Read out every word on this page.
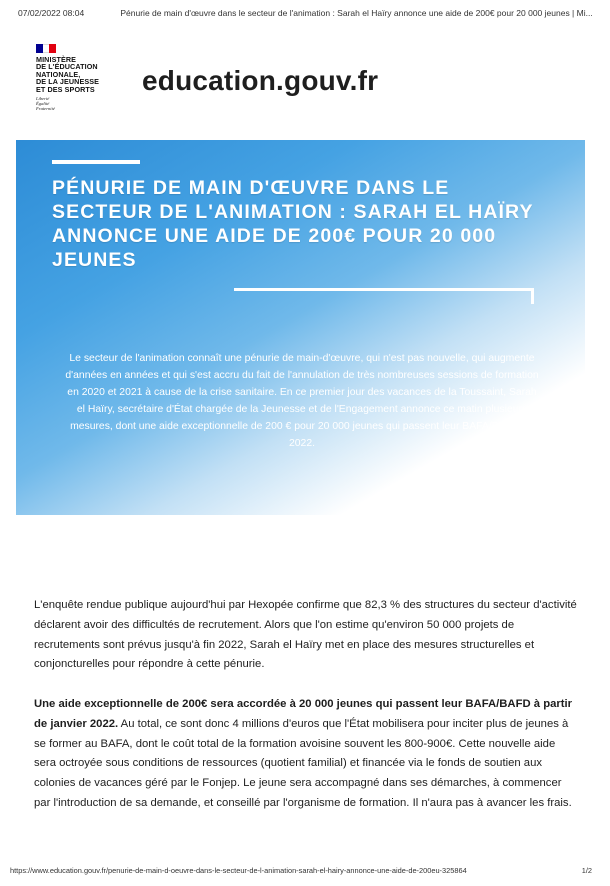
07/02/2022 08:04	Pénurie de main d'œuvre dans le secteur de l'animation : Sarah el Haïry annonce une aide de 200€ pour 20 000 jeunes | Mi...
MINISTÈRE
DE L'ÉDUCATION
NATIONALE,
DE LA JEUNESSE
ET DES SPORTS
Liberté
Égalité
Fraternité
education.gouv.fr
PÉNURIE DE MAIN D'ŒUVRE DANS LE SECTEUR DE L'ANIMATION : SARAH EL HAÏRY ANNONCE UNE AIDE DE 200€ POUR 20 000 JEUNES

Le secteur de l'animation connaît une pénurie de main-d'œuvre, qui n'est pas nouvelle, qui augmente d'années en années et qui s'est accru du fait de l'annulation de très nombreuses sessions de formation en 2020 et 2021 à cause de la crise sanitaire. En ce premier jour des vacances de la Toussaint, Sarah el Haïry, secrétaire d'État chargée de la Jeunesse et de l'Engagement annonce ce matin plusieurs mesures, dont une aide exceptionnelle de 200 € pour 20 000 jeunes qui passent leur BAFA/BAFD en 2022.

L'enquête rendue publique aujourd'hui par Hexopée confirme que 82,3 % des structures du secteur d'activité déclarent avoir des difficultés de recrutement. Alors que l'on estime qu'environ 50 000 projets de recrutements sont prévus jusqu'à fin 2022, Sarah el Haïry met en place des mesures structurelles et conjoncturelles pour répondre à cette pénurie.

Une aide exceptionnelle de 200€ sera accordée à 20 000 jeunes qui passent leur BAFA/BAFD à partir de janvier 2022. Au total, ce sont donc 4 millions d'euros que l'État mobilisera pour inciter plus de jeunes à se former au BAFA, dont le coût total de la formation avoisine souvent les 800-900€. Cette nouvelle aide sera octroyée sous conditions de ressources (quotient familial) et financée via le fonds de soutien aux colonies de vacances géré par le Fonjep. Le jeune sera accompagné dans ses démarches, à commencer par l'introduction de sa demande, et conseillé par l'organisme de formation. Il n'aura pas à avancer les frais.

https://www.education.gouv.fr/penurie-de-main-d-oeuvre-dans-le-secteur-de-l-animation-sarah-el-hairy-annonce-une-aide-de-200eu-325864	1/2
